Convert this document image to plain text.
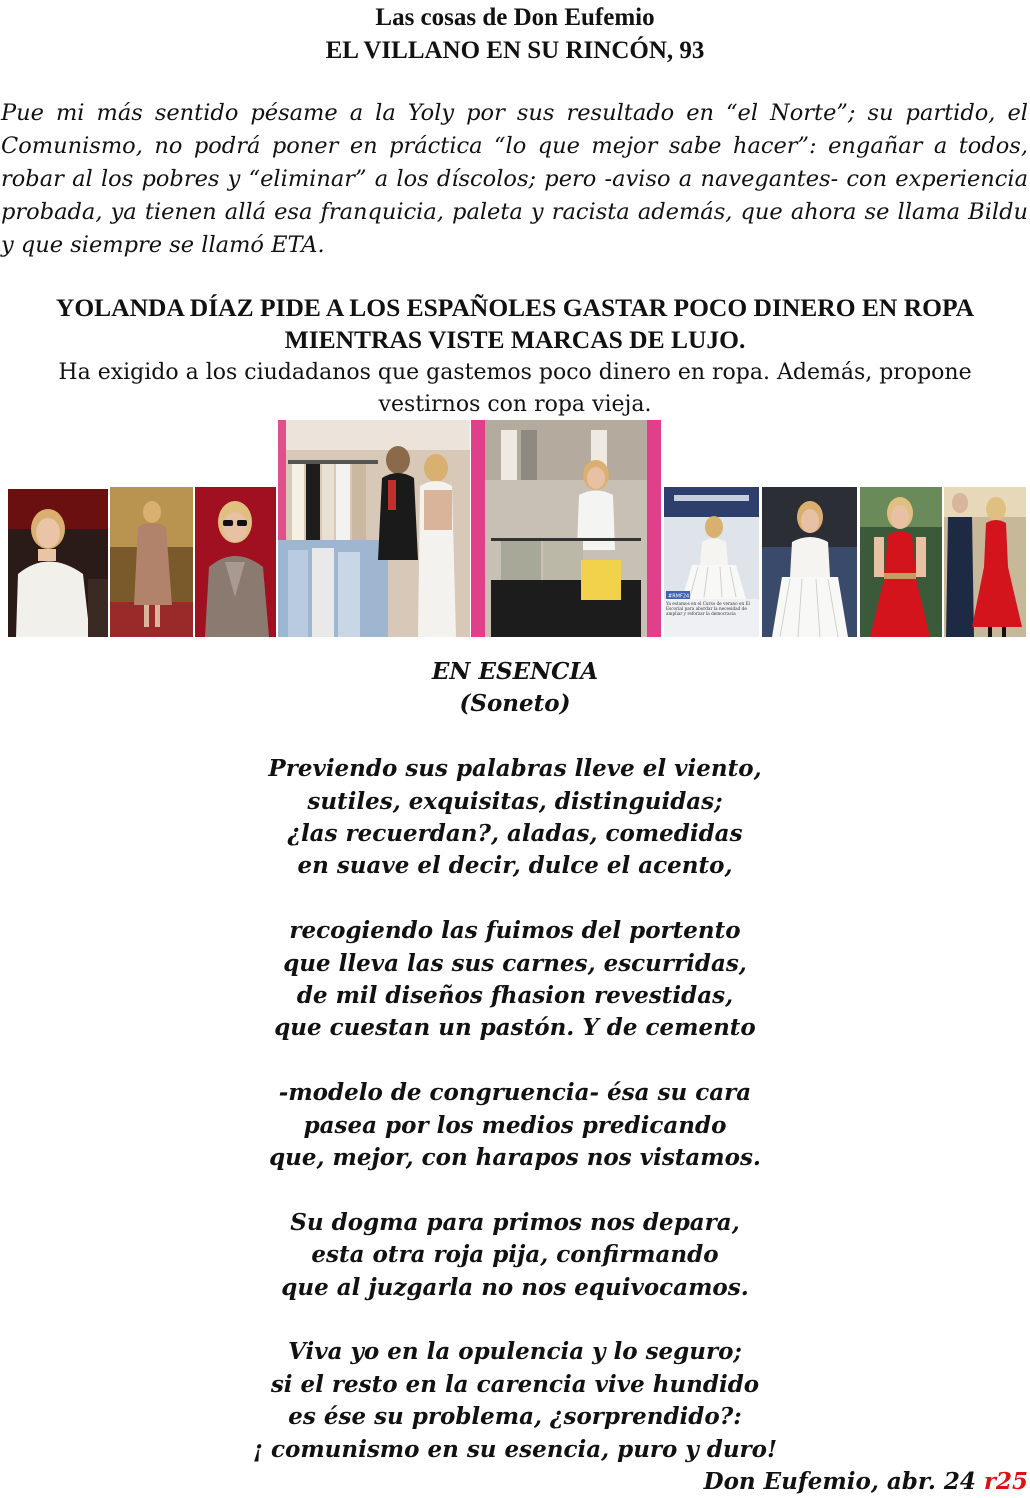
Las cosas de Don Eufemio
EL VILLANO EN SU RINCÓN, 93
Pue mi más sentido pésame a la Yoly por sus resultado en “el Norte”; su partido, el Comunismo, no podrá poner en práctica “lo que mejor sabe hacer”: engañar a todos, robar al los pobres y “eliminar” a los díscolos; pero -aviso a navegantes- con experiencia probada, ya tienen allá esa franquicia, paleta y racista además, que ahora se llama Bildu y que siempre se llamó ETA.
YOLANDA DÍAZ PIDE A LOS ESPAÑOLES GASTAR POCO DINERO EN ROPA
MIENTRAS VISTE MARCAS DE LUJO.
Ha exigido a los ciudadanos que gastemos poco dinero en ropa. Además, propone
vestirnos con ropa vieja.
#RMF24
Ya estamos en el Curso de verano en El Escorial para abordar la necesidad de ampliar y reforzar la democracia
EN ESENCIA
(Soneto)
Previendo sus palabras lleve el viento,
sutiles, exquisitas, distinguidas;
¿las recuerdan?, aladas, comedidas
en suave el decir, dulce el acento,
recogiendo las fuimos del portento
que lleva las sus carnes, escurridas,
de mil diseños fhasion revestidas,
que cuestan un pastón. Y de cemento
-modelo de congruencia- ésa su cara
pasea por los medios predicando
que, mejor, con harapos nos vistamos.
Su dogma para primos nos depara,
esta otra roja pija, confirmando
que al juzgarla no nos equivocamos.
Viva yo en la opulencia y lo seguro;
si el resto en la carencia vive hundido
es ése su problema, ¿sorprendido?:
¡ comunismo en su esencia, puro y duro!
Don Eufemio, abr. 24 r25
